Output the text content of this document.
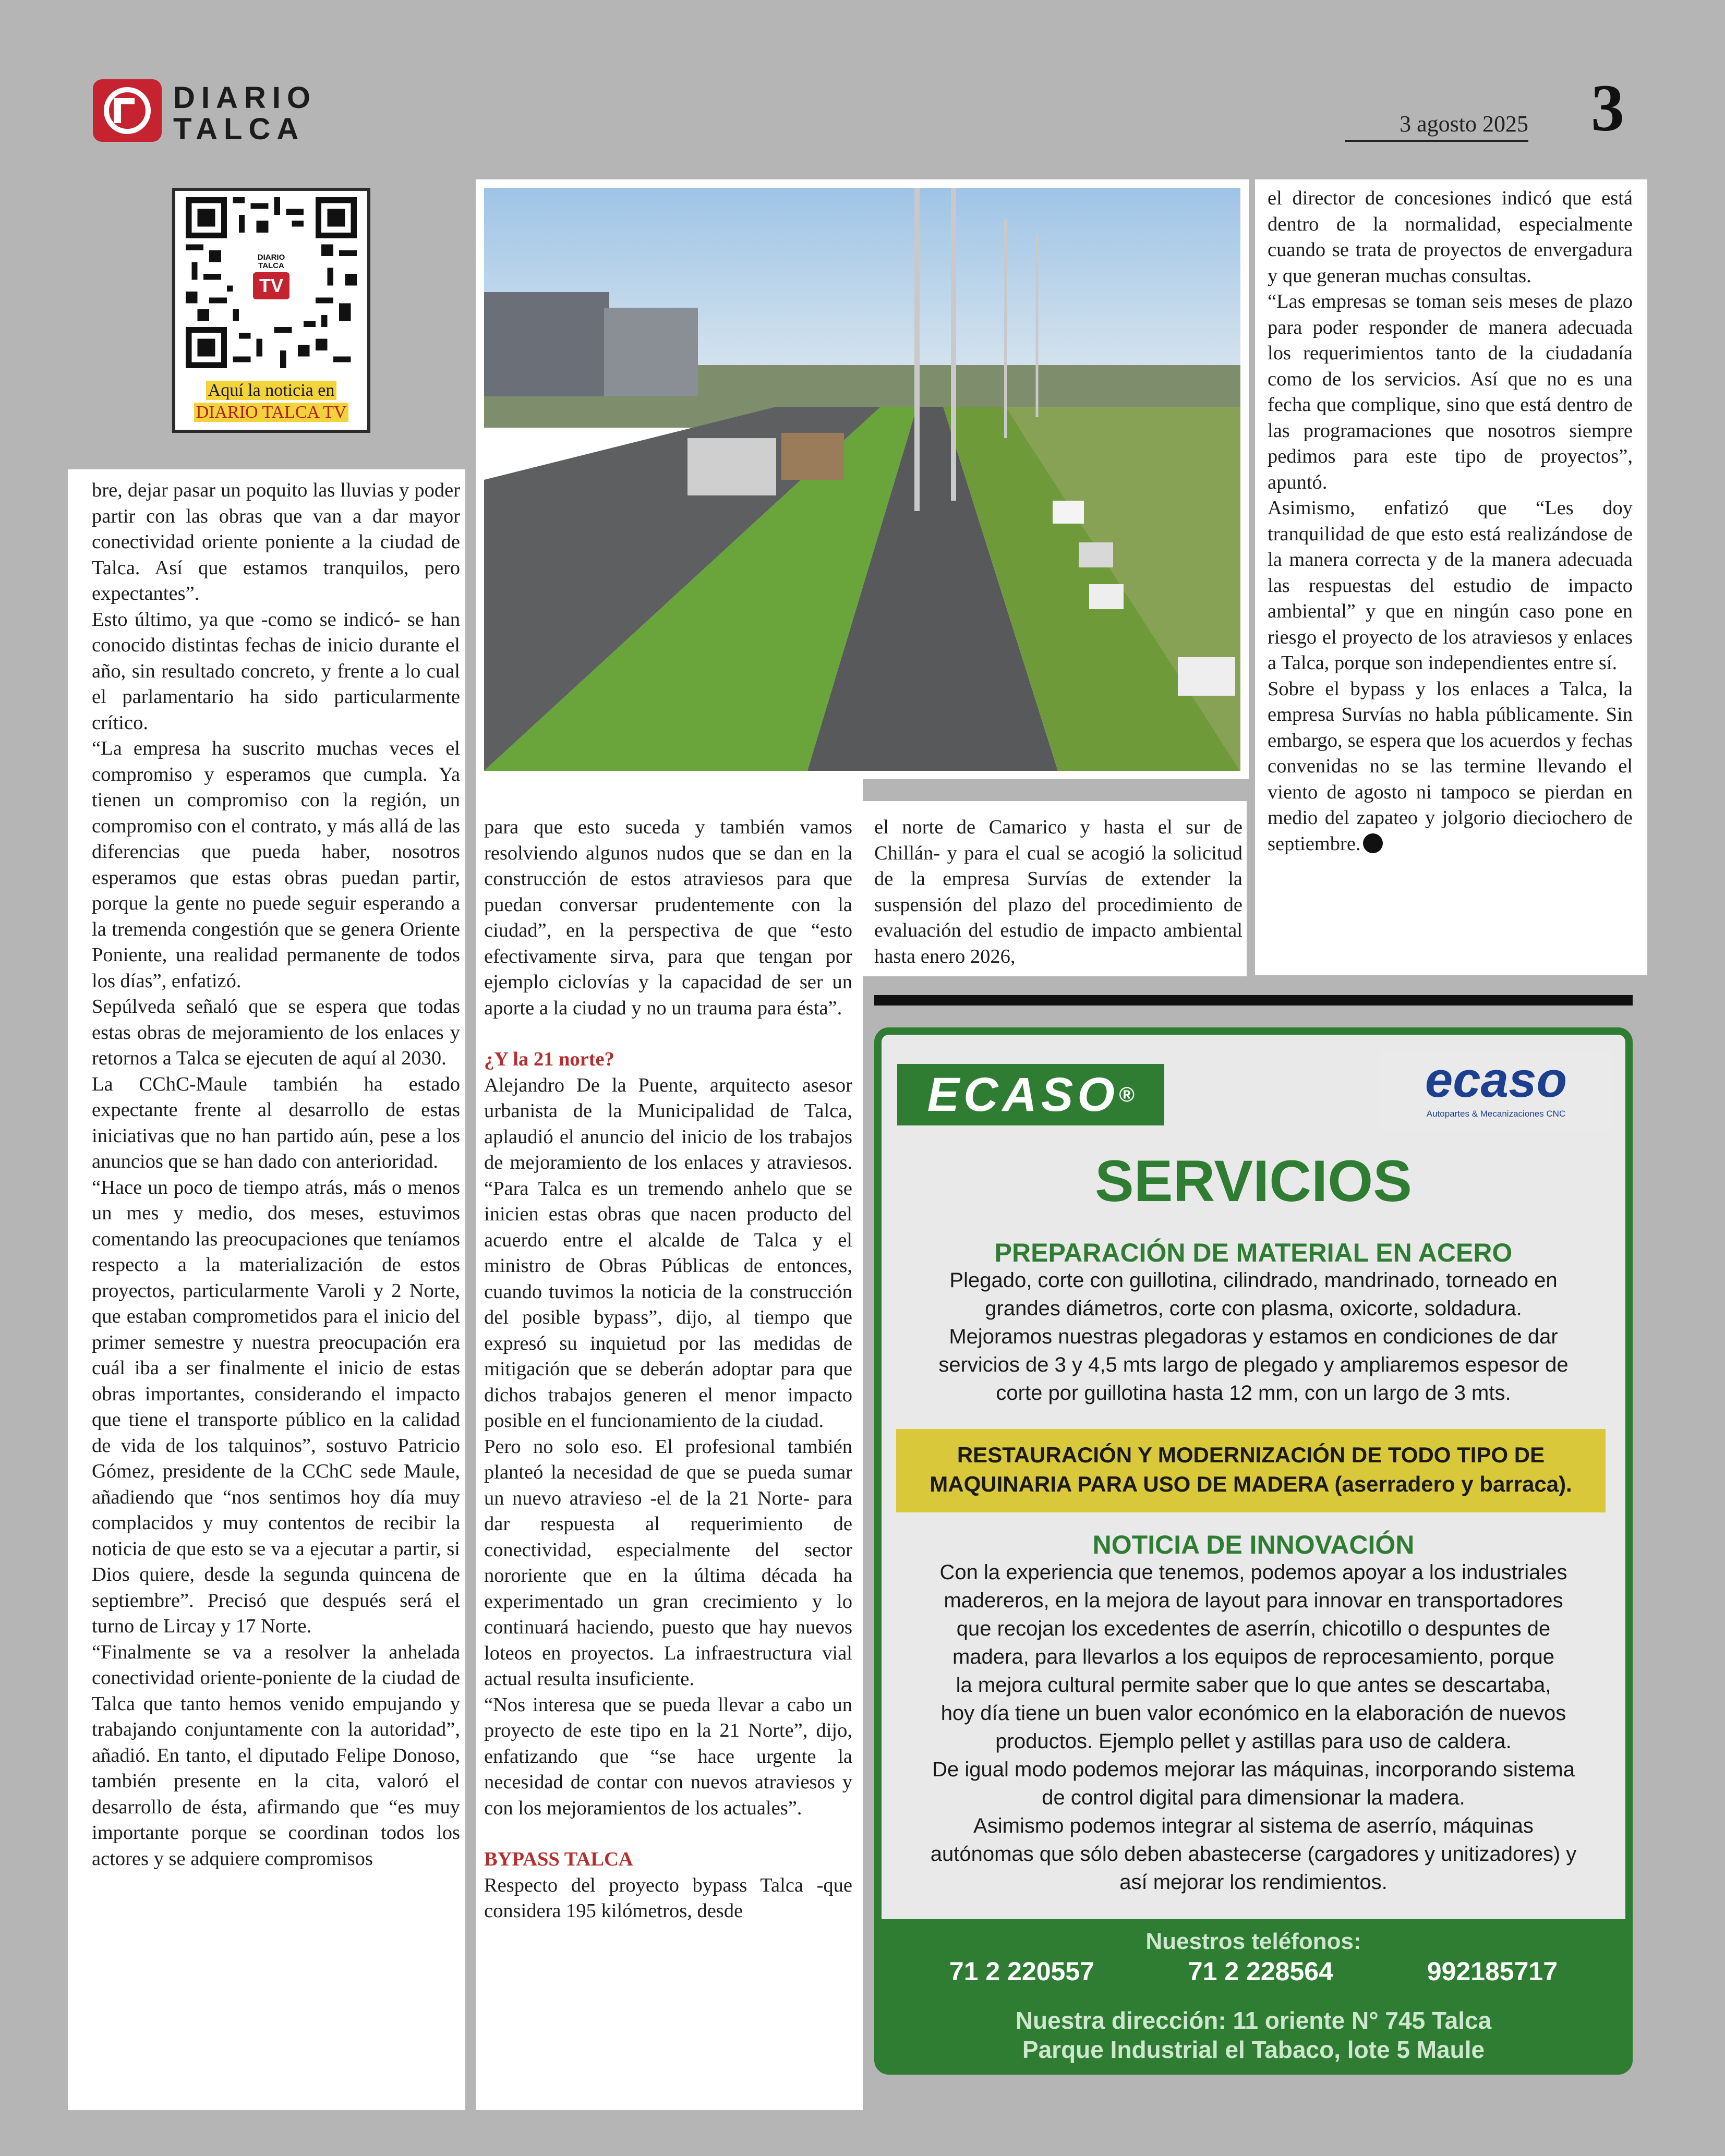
DIARIO
TALCA	3 agosto 2025 3
DIARIO TALCA
TV
Aquí la noticia en
DIARIO TALCA TV

bre, dejar pasar un poquito las lluvias y poder partir con las obras que van a dar mayor conectividad oriente poniente a la ciudad de Talca. Así que estamos tranquilos, pero expectantes”.

Esto último, ya que -como se indicó- se han conocido distintas fechas de inicio durante el año, sin resultado concreto, y frente a lo cual el parlamentario ha sido particularmente crítico.

“La empresa ha suscrito muchas veces el compromiso y esperamos que cumpla. Ya tienen un compromiso con la región, un compromiso con el contrato, y más allá de las diferencias que pueda haber, nosotros esperamos que estas obras puedan partir, porque la gente no puede seguir esperando a la tremenda congestión que se genera Oriente Poniente, una realidad permanente de todos los días”, enfatizó.

Sepúlveda señaló que se espera que todas estas obras de mejoramiento de los enlaces y retornos a Talca se ejecuten de aquí al 2030.

La CChC-Maule también ha estado expectante frente al desarrollo de estas iniciativas que no han partido aún, pese a los anuncios que se han dado con anterioridad.

“Hace un poco de tiempo atrás, más o menos un mes y medio, dos meses, estuvimos comentando las preocupaciones que teníamos respecto a la materialización de estos proyectos, particularmente Varoli y 2 Norte, que estaban comprometidos para el inicio del primer semestre y nuestra preocupación era cuál iba a ser finalmente el inicio de estas obras importantes, considerando el impacto que tiene el transporte público en la calidad de vida de los talquinos”, sostuvo Patricio Gómez, presidente de la CChC sede Maule, añadiendo que “nos sentimos hoy día muy complacidos y muy contentos de recibir la noticia de que esto se va a ejecutar a partir, si Dios quiere, desde la segunda quincena de septiembre”. Precisó que después será el turno de Lircay y 17 Norte.

“Finalmente se va a resolver la anhelada conectividad oriente-poniente de la ciudad de Talca que tanto hemos venido empujando y trabajando conjuntamente con la autoridad”, añadió. En tanto, el diputado Felipe Donoso, también presente en la cita, valoró el desarrollo de ésta, afirmando que “es muy importante porque se coordinan todos los actores y se adquiere compromisos

para que esto suceda y también vamos resolviendo algunos nudos que se dan en la construcción de estos atraviesos para que puedan conversar prudentemente con la ciudad”, en la perspectiva de que “esto efectivamente sirva, para que tengan por ejemplo ciclovías y la capacidad de ser un aporte a la ciudad y no un trauma para ésta”.

¿Y la 21 norte?

Alejandro De la Puente, arquitecto asesor urbanista de la Municipalidad de Talca, aplaudió el anuncio del inicio de los trabajos de mejoramiento de los enlaces y atraviesos. “Para Talca es un tremendo anhelo que se inicien estas obras que nacen producto del acuerdo entre el alcalde de Talca y el ministro de Obras Públicas de entonces, cuando tuvimos la noticia de la construcción del posible bypass”, dijo, al tiempo que expresó su inquietud por las medidas de mitigación que se deberán adoptar para que dichos trabajos generen el menor impacto posible en el funcionamiento de la ciudad.

Pero no solo eso. El profesional también planteó la necesidad de que se pueda sumar un nuevo atravieso -el de la 21 Norte- para dar respuesta al requerimiento de conectividad, especialmente del sector nororiente que en la última década ha experimentado un gran crecimiento y lo continuará haciendo, puesto que hay nuevos loteos en proyectos. La infraestructura vial actual resulta insuficiente.

“Nos interesa que se pueda llevar a cabo un proyecto de este tipo en la 21 Norte”, dijo, enfatizando que “se hace urgente la necesidad de contar con nuevos atraviesos y con los mejoramientos de los actuales”.

BYPASS TALCA

Respecto del proyecto bypass Talca -que considera 195 kilómetros, desde

el norte de Camarico y hasta el sur de Chillán- y para el cual se acogió la solicitud de la empresa Survías de extender la suspensión del plazo del procedimiento de evaluación del estudio de impacto ambiental hasta enero 2026,

el director de concesiones indicó que está dentro de la normalidad, especialmente cuando se trata de proyectos de envergadura y que generan muchas consultas.

“Las empresas se toman seis meses de plazo para poder responder de manera adecuada los requerimientos tanto de la ciudadanía como de los servicios. Así que no es una fecha que complique, sino que está dentro de las programaciones que nosotros siempre pedimos para este tipo de proyectos”, apuntó.

Asimismo, enfatizó que “Les doy tranquilidad de que esto está realizándose de la manera correcta y de la manera adecuada las respuestas del estudio de impacto ambiental” y que en ningún caso pone en riesgo el proyecto de los atraviesos y enlaces a Talca, porque son independientes entre sí.

Sobre el bypass y los enlaces a Talca, la empresa Survías no habla públicamente. Sin embargo, se espera que los acuerdos y fechas convenidas no se las termine llevando el viento de agosto ni tampoco se pierdan en medio del zapateo y jolgorio dieciochero de septiembre.

ECASO®	ecaso
Autopartes & Mecanizaciones CNC
SERVICIOS
PREPARACIÓN DE MATERIAL EN ACERO
Plegado, corte con guillotina, cilindrado, mandrinado, torneado en
grandes diámetros, corte con plasma, oxicorte, soldadura.
Mejoramos nuestras plegadoras y estamos en condiciones de dar
servicios de 3 y 4,5 mts largo de plegado y ampliaremos espesor de
corte por guillotina hasta 12 mm, con un largo de 3 mts.
RESTAURACIÓN Y MODERNIZACIÓN DE TODO TIPO DE
MAQUINARIA PARA USO DE MADERA (aserradero y barraca).
NOTICIA DE INNOVACIÓN
Con la experiencia que tenemos, podemos apoyar a los industriales
madereros, en la mejora de layout para innovar en transportadores
que recojan los excedentes de aserrín, chicotillo o despuntes de
madera, para llevarlos a los equipos de reprocesamiento, porque
la mejora cultural permite saber que lo que antes se descartaba,
hoy día tiene un buen valor económico en la elaboración de nuevos
productos. Ejemplo pellet y astillas para uso de caldera.
De igual modo podemos mejorar las máquinas, incorporando sistema
de control digital para dimensionar la madera.
Asimismo podemos integrar al sistema de aserrío, máquinas
autónomas que sólo deben abastecerse (cargadores y unitizadores) y
así mejorar los rendimientos.
Nuestros teléfonos:
71 2 220557	71 2 228564	992185717
Nuestra dirección: 11 oriente N° 745 Talca
Parque Industrial el Tabaco, lote 5 Maule
